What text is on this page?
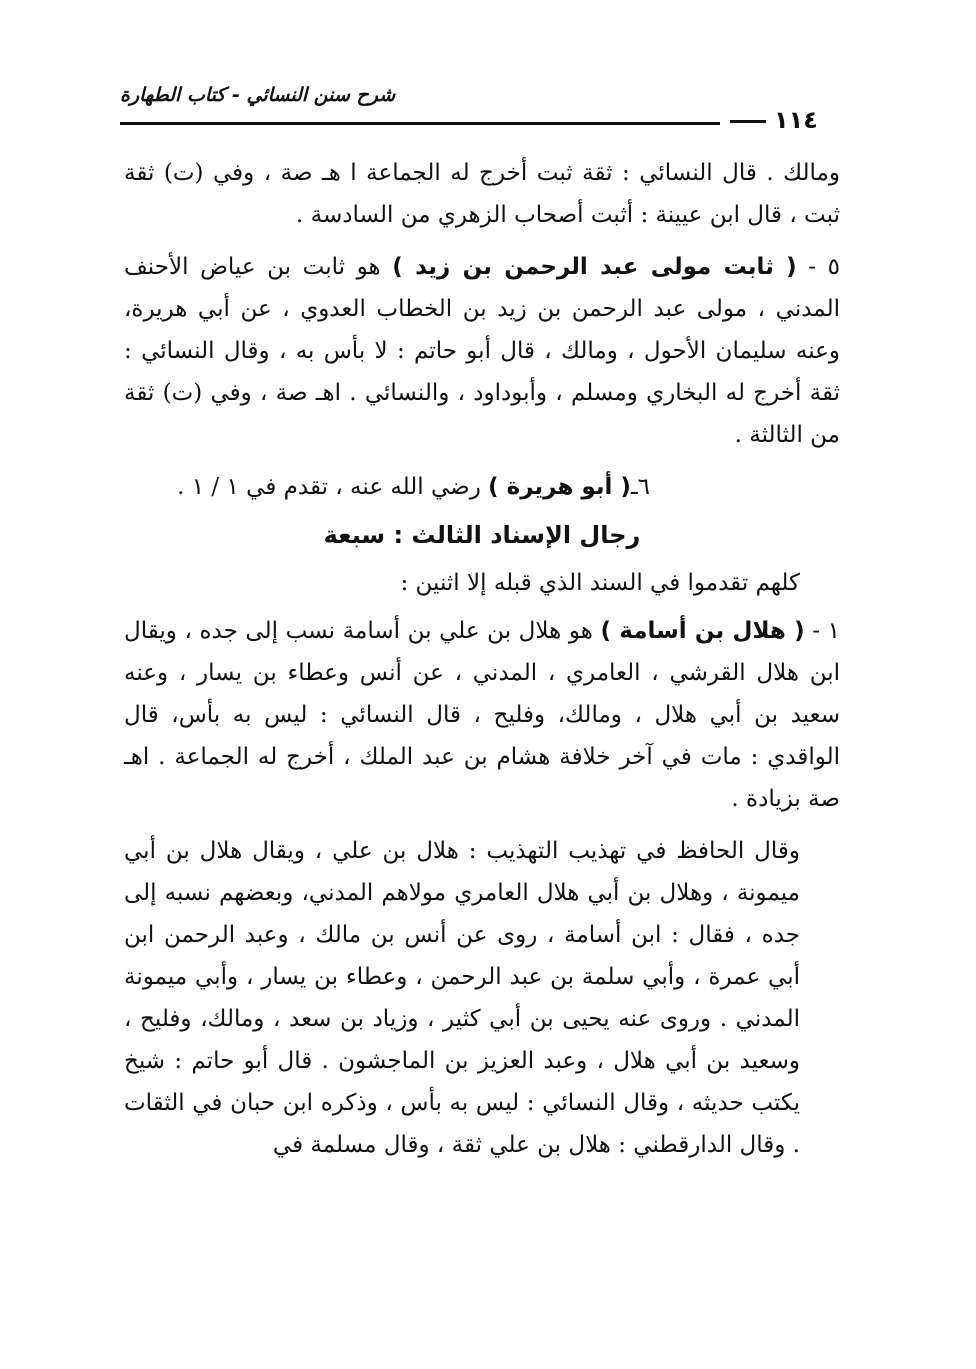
شرح سنن النسائي - كتاب الطهارة
١١٤

ومالك . قال النسائي : ثقة ثبت أخرج له الجماعة ا هـ صة ، وفي (ت) ثقة ثبت ، قال ابن عيينة : أثبت أصحاب الزهري من السادسة .

٥ - ( ثابت مولى عبد الرحمن بن زيد ) هو ثابت بن عياض الأحنف المدني ، مولى عبد الرحمن بن زيد بن الخطاب العدوي ، عن أبي هريرة، وعنه سليمان الأحول ، ومالك ، قال أبو حاتم : لا بأس به ، وقال النسائي : ثقة أخرج له البخاري ومسلم ، وأبوداود ، والنسائي . اهـ صة ، وفي (ت) ثقة من الثالثة .

٦ـ( أبو هريرة ) رضي الله عنه ، تقدم في ١ / ١ .

رجال الإسناد الثالث : سبعة

كلهم تقدموا في السند الذي قبله إلا اثنين :

١ - ( هلال بن أسامة ) هو هلال بن علي بن أسامة نسب إلى جده ، ويقال ابن هلال القرشي ، العامري ، المدني ، عن أنس وعطاء بن يسار ، وعنه سعيد بن أبي هلال ، ومالك، وفليح ، قال النسائي : ليس به بأس، قال الواقدي : مات في آخر خلافة هشام بن عبد الملك ، أخرج له الجماعة . اهـ صة بزيادة .

وقال الحافظ في تهذيب التهذيب : هلال بن علي ، ويقال هلال بن أبي ميمونة ، وهلال بن أبي هلال العامري مولاهم المدني، وبعضهم نسبه إلى جده ، فقال : ابن أسامة ، روى عن أنس بن مالك ، وعبد الرحمن ابن أبي عمرة ، وأبي سلمة بن عبد الرحمن ، وعطاء بن يسار ، وأبي ميمونة المدني . وروى عنه يحيى بن أبي كثير ، وزياد بن سعد ، ومالك، وفليح ، وسعيد بن أبي هلال ، وعبد العزيز بن الماجشون . قال أبو حاتم : شيخ يكتب حديثه ، وقال النسائي : ليس به بأس ، وذكره ابن حبان في الثقات . وقال الدارقطني : هلال بن علي ثقة ، وقال مسلمة في
